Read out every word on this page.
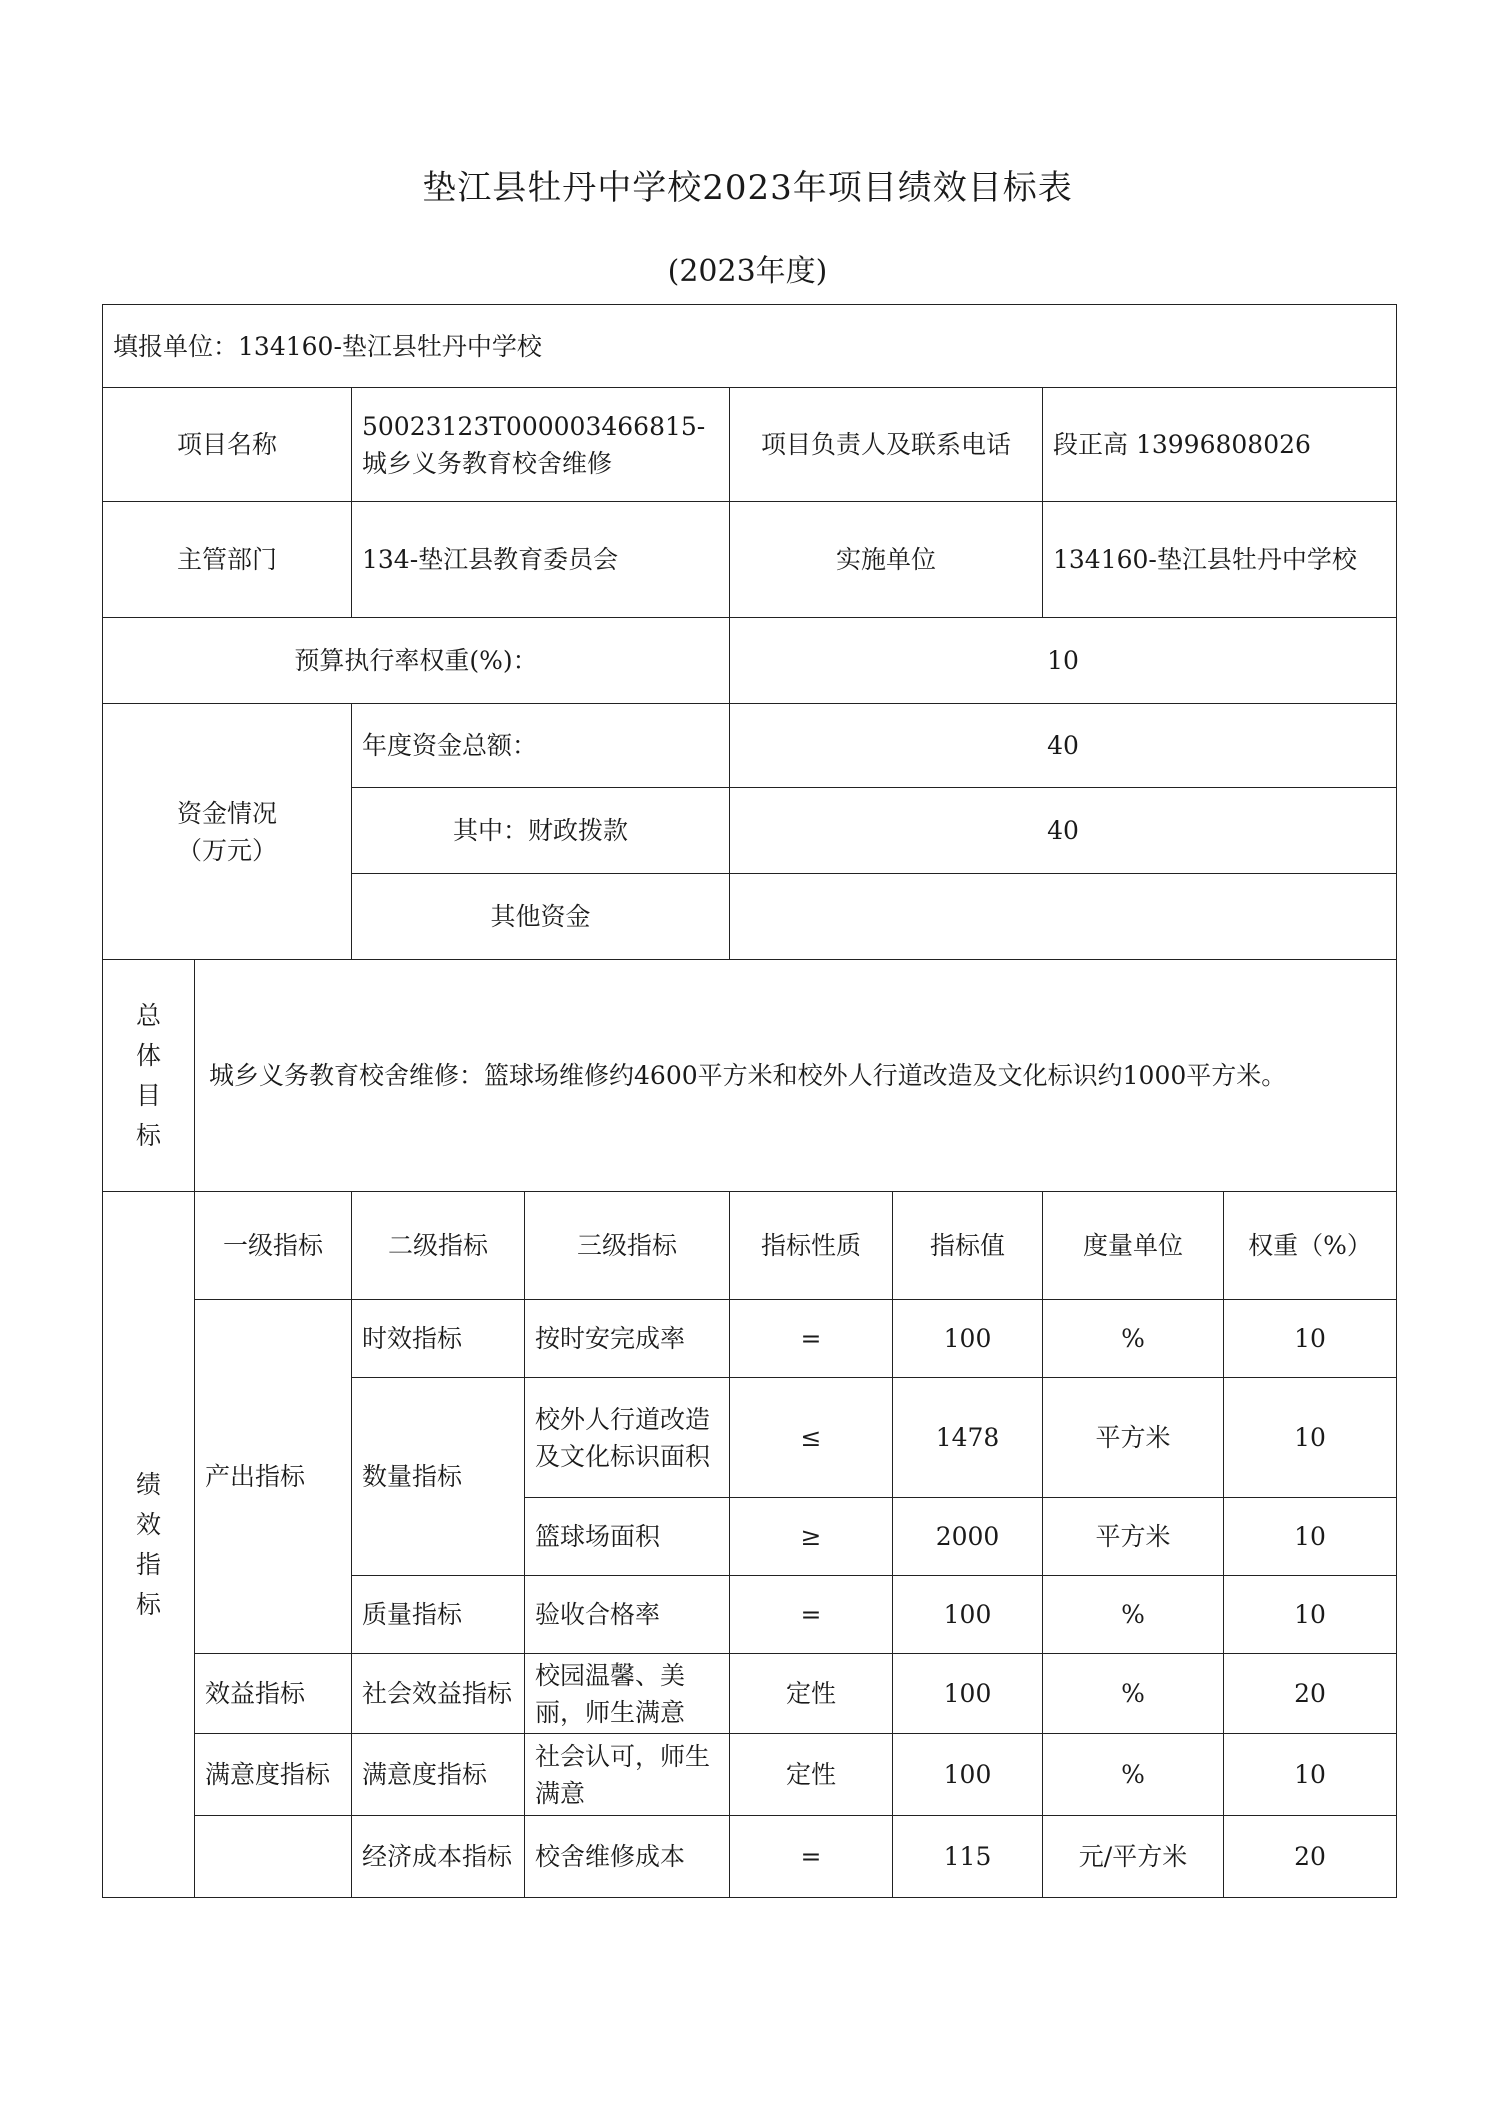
垫江县牡丹中学校2023年项目绩效目标表
(2023年度)
填报单位：134160-垫江县牡丹中学校							
项目名称		50023123T000003466815-城乡义务教育校舍维修		项目负责人及联系电话		段正高 13996808026	
主管部门		134-垫江县教育委员会		实施单位		134160-垫江县牡丹中学校	
预算执行率权重(%)：				10			

资金情况
（万元）		年度资金总额：		40			
		其中：财政拨款		40			
		其他资金					

总
体
目
标	城乡义务教育校舍维修：篮球场维修约4600平方米和校外人行道改造及文化标识约1000平方米。						

绩
效
指
标	一级指标	二级指标	三级指标	指标性质	指标值	度量单位	权重（%）
	产出指标	时效指标	按时安完成率	=	100	%	10
		数量指标	校外人行道改造及文化标识面积	≤	1478	平方米	10
			篮球场面积	≥	2000	平方米	10
		质量指标	验收合格率	=	100	%	10
	效益指标	社会效益指标	校园温馨、美丽，师生满意	定性	100	%	20
	满意度指标	满意度指标	社会认可，师生满意	定性	100	%	10
		经济成本指标	校舍维修成本	=	115	元/平方米	20
